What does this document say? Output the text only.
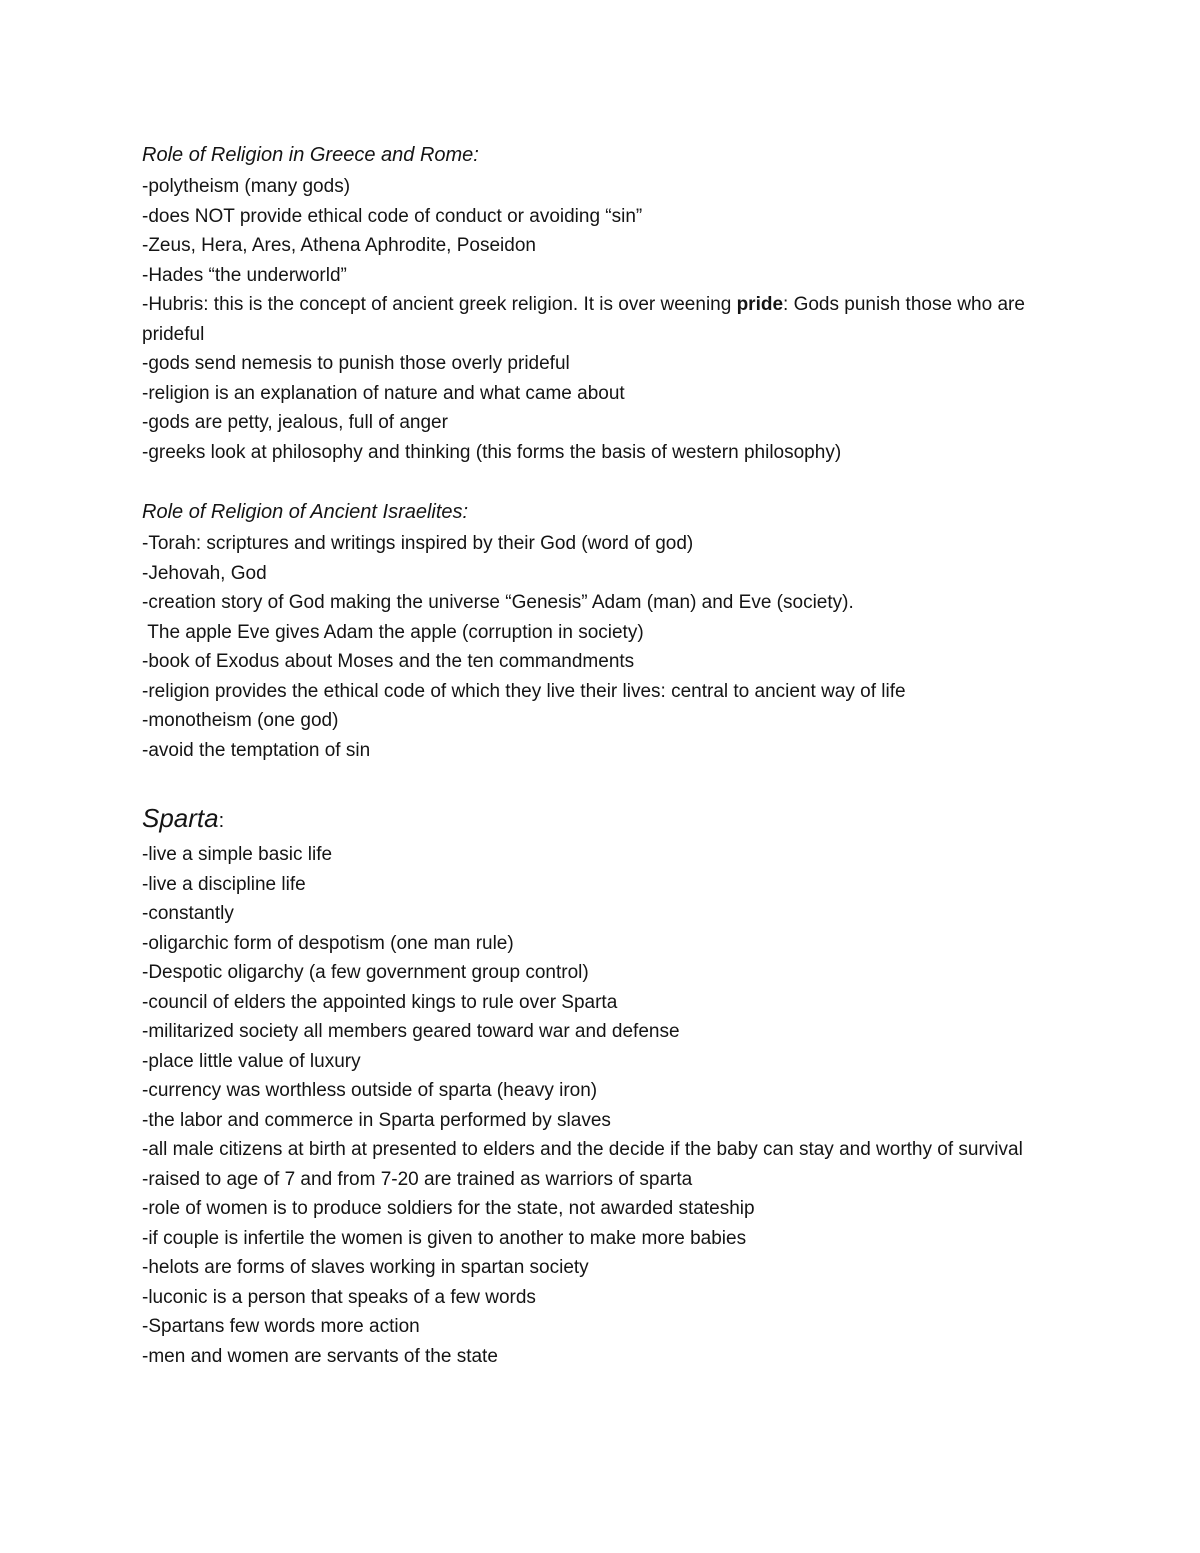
Role of Religion in Greece and Rome:
-polytheism (many gods)
-does NOT provide ethical code of conduct or avoiding “sin”
-Zeus, Hera, Ares, Athena Aphrodite, Poseidon
-Hades “the underworld”
-Hubris: this is the concept of ancient greek religion. It is over weening pride: Gods punish those who are prideful
-gods send nemesis to punish those overly prideful
-religion is an explanation of nature and what came about
-gods are petty, jealous, full of anger
-greeks look at philosophy and thinking (this forms the basis of western philosophy)
Role of Religion of Ancient Israelites:
-Torah: scriptures and writings inspired by their God (word of god)
-Jehovah, God
-creation story of God making the universe “Genesis” Adam (man) and Eve (society).
The apple Eve gives Adam the apple (corruption in society)
-book of Exodus about Moses and the ten commandments
-religion provides the ethical code of which they live their lives: central to ancient way of life
-monotheism (one god)
-avoid the temptation of sin
Sparta:
-live a simple basic life
-live a discipline life
-constantly
-oligarchic form of despotism (one man rule)
-Despotic oligarchy (a few government group control)
-council of elders the appointed kings to rule over Sparta
-militarized society all members geared toward war and defense
-place little value of luxury
-currency was worthless outside of sparta (heavy iron)
-the labor and commerce in Sparta performed by slaves
-all male citizens at birth at presented to elders and the decide if the baby can stay and worthy of survival
-raised to age of 7 and from 7-20 are trained as warriors of sparta
-role of women is to produce soldiers for the state, not awarded stateship
-if couple is infertile the women is given to another to make more babies
-helots are forms of slaves working in spartan society
-luconic is a person that speaks of a few words
-Spartans few words more action
-men and women are servants of the state
